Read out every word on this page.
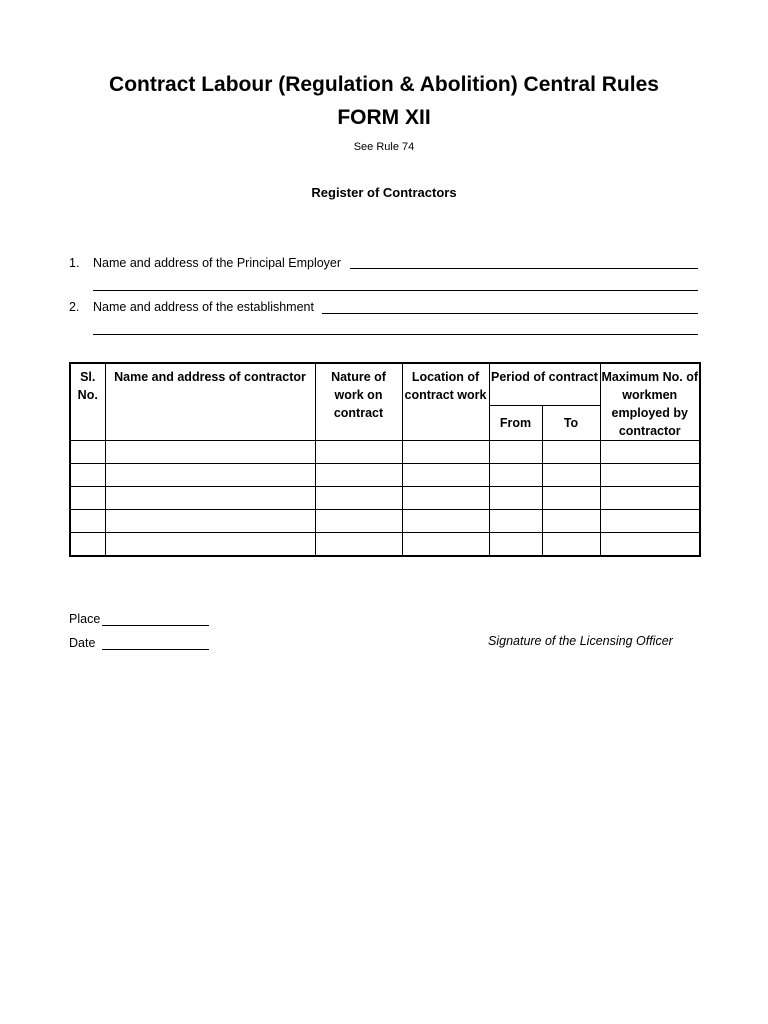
Contract Labour (Regulation & Abolition) Central Rules
FORM XII
See Rule 74
Register of Contractors
1. Name and address of the Principal Employer
2. Name and address of the establishment
Sl. No.	Name and address of contractor	Nature of work on contract	Location of contract work	Period of contract		Maximum No. of workmen employed by contractor
				From	To	

Place
Date	Signature of the Licensing Officer
